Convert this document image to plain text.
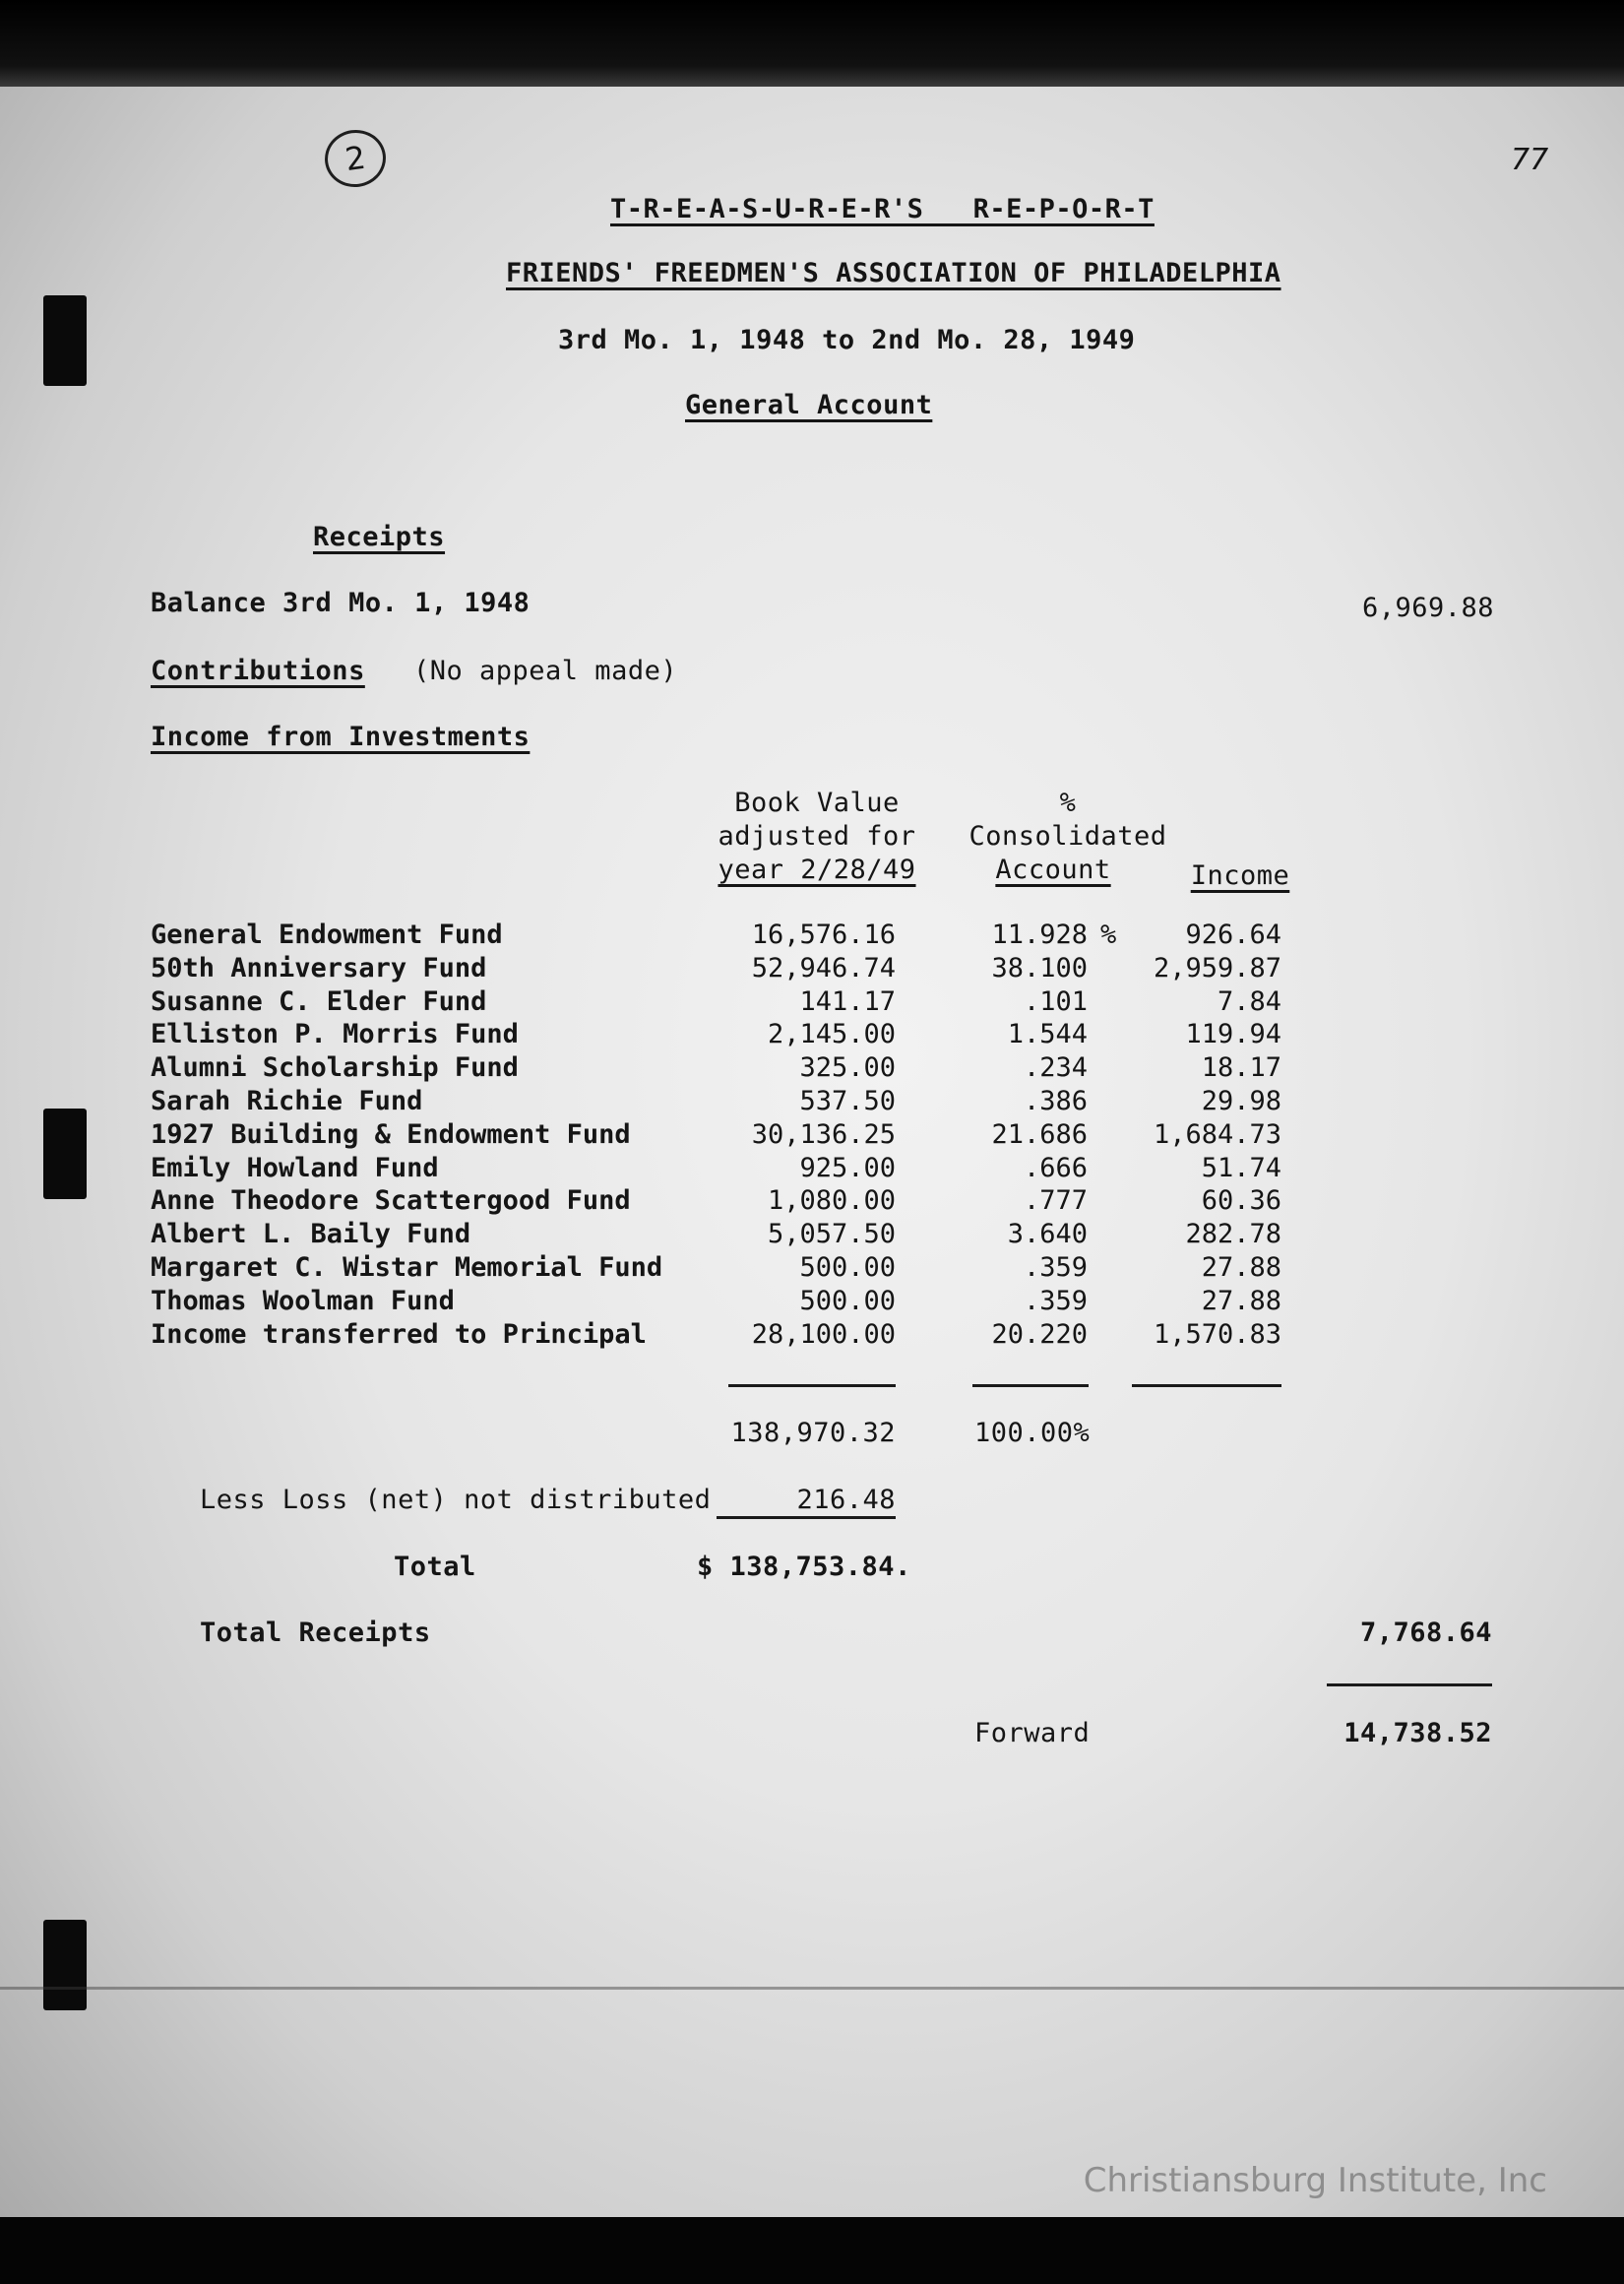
2	77
T-R-E-A-S-U-R-E-R'S   R-E-P-O-R-T
FRIENDS' FREEDMEN'S ASSOCIATION OF PHILADELPHIA
3rd Mo. 1, 1948 to 2nd Mo. 28, 1949
General Account
Receipts
Balance 3rd Mo. 1, 1948	6,969.88
Contributions (No appeal made)
Income from Investments
Book Value
adjusted for
year 2/28/49
%
Consolidated
Account	Income
General Endowment Fund	16,576.16	11.928	926.64
%
50th Anniversary Fund	52,946.74	38.100	2,959.87
Susanne C. Elder Fund	141.17	.101	7.84
Elliston P. Morris Fund	2,145.00	1.544	119.94
Alumni Scholarship Fund	325.00	.234	18.17
Sarah Richie Fund	537.50	.386	29.98
1927 Building & Endowment Fund	30,136.25	21.686	1,684.73
Emily Howland Fund	925.00	.666	51.74
Anne Theodore Scattergood Fund	1,080.00	.777	60.36
Albert L. Baily Fund	5,057.50	3.640	282.78
Margaret C. Wistar Memorial Fund	500.00	.359	27.88
Thomas Woolman Fund	500.00	.359	27.88
Income transferred to Principal	28,100.00	20.220	1,570.83
138,970.32	100.00%
Less Loss (net) not distributed	216.48
Total	$ 138,753.84.
Total Receipts	7,768.64
Forward	14,738.52
Christiansburg Institute, Inc
